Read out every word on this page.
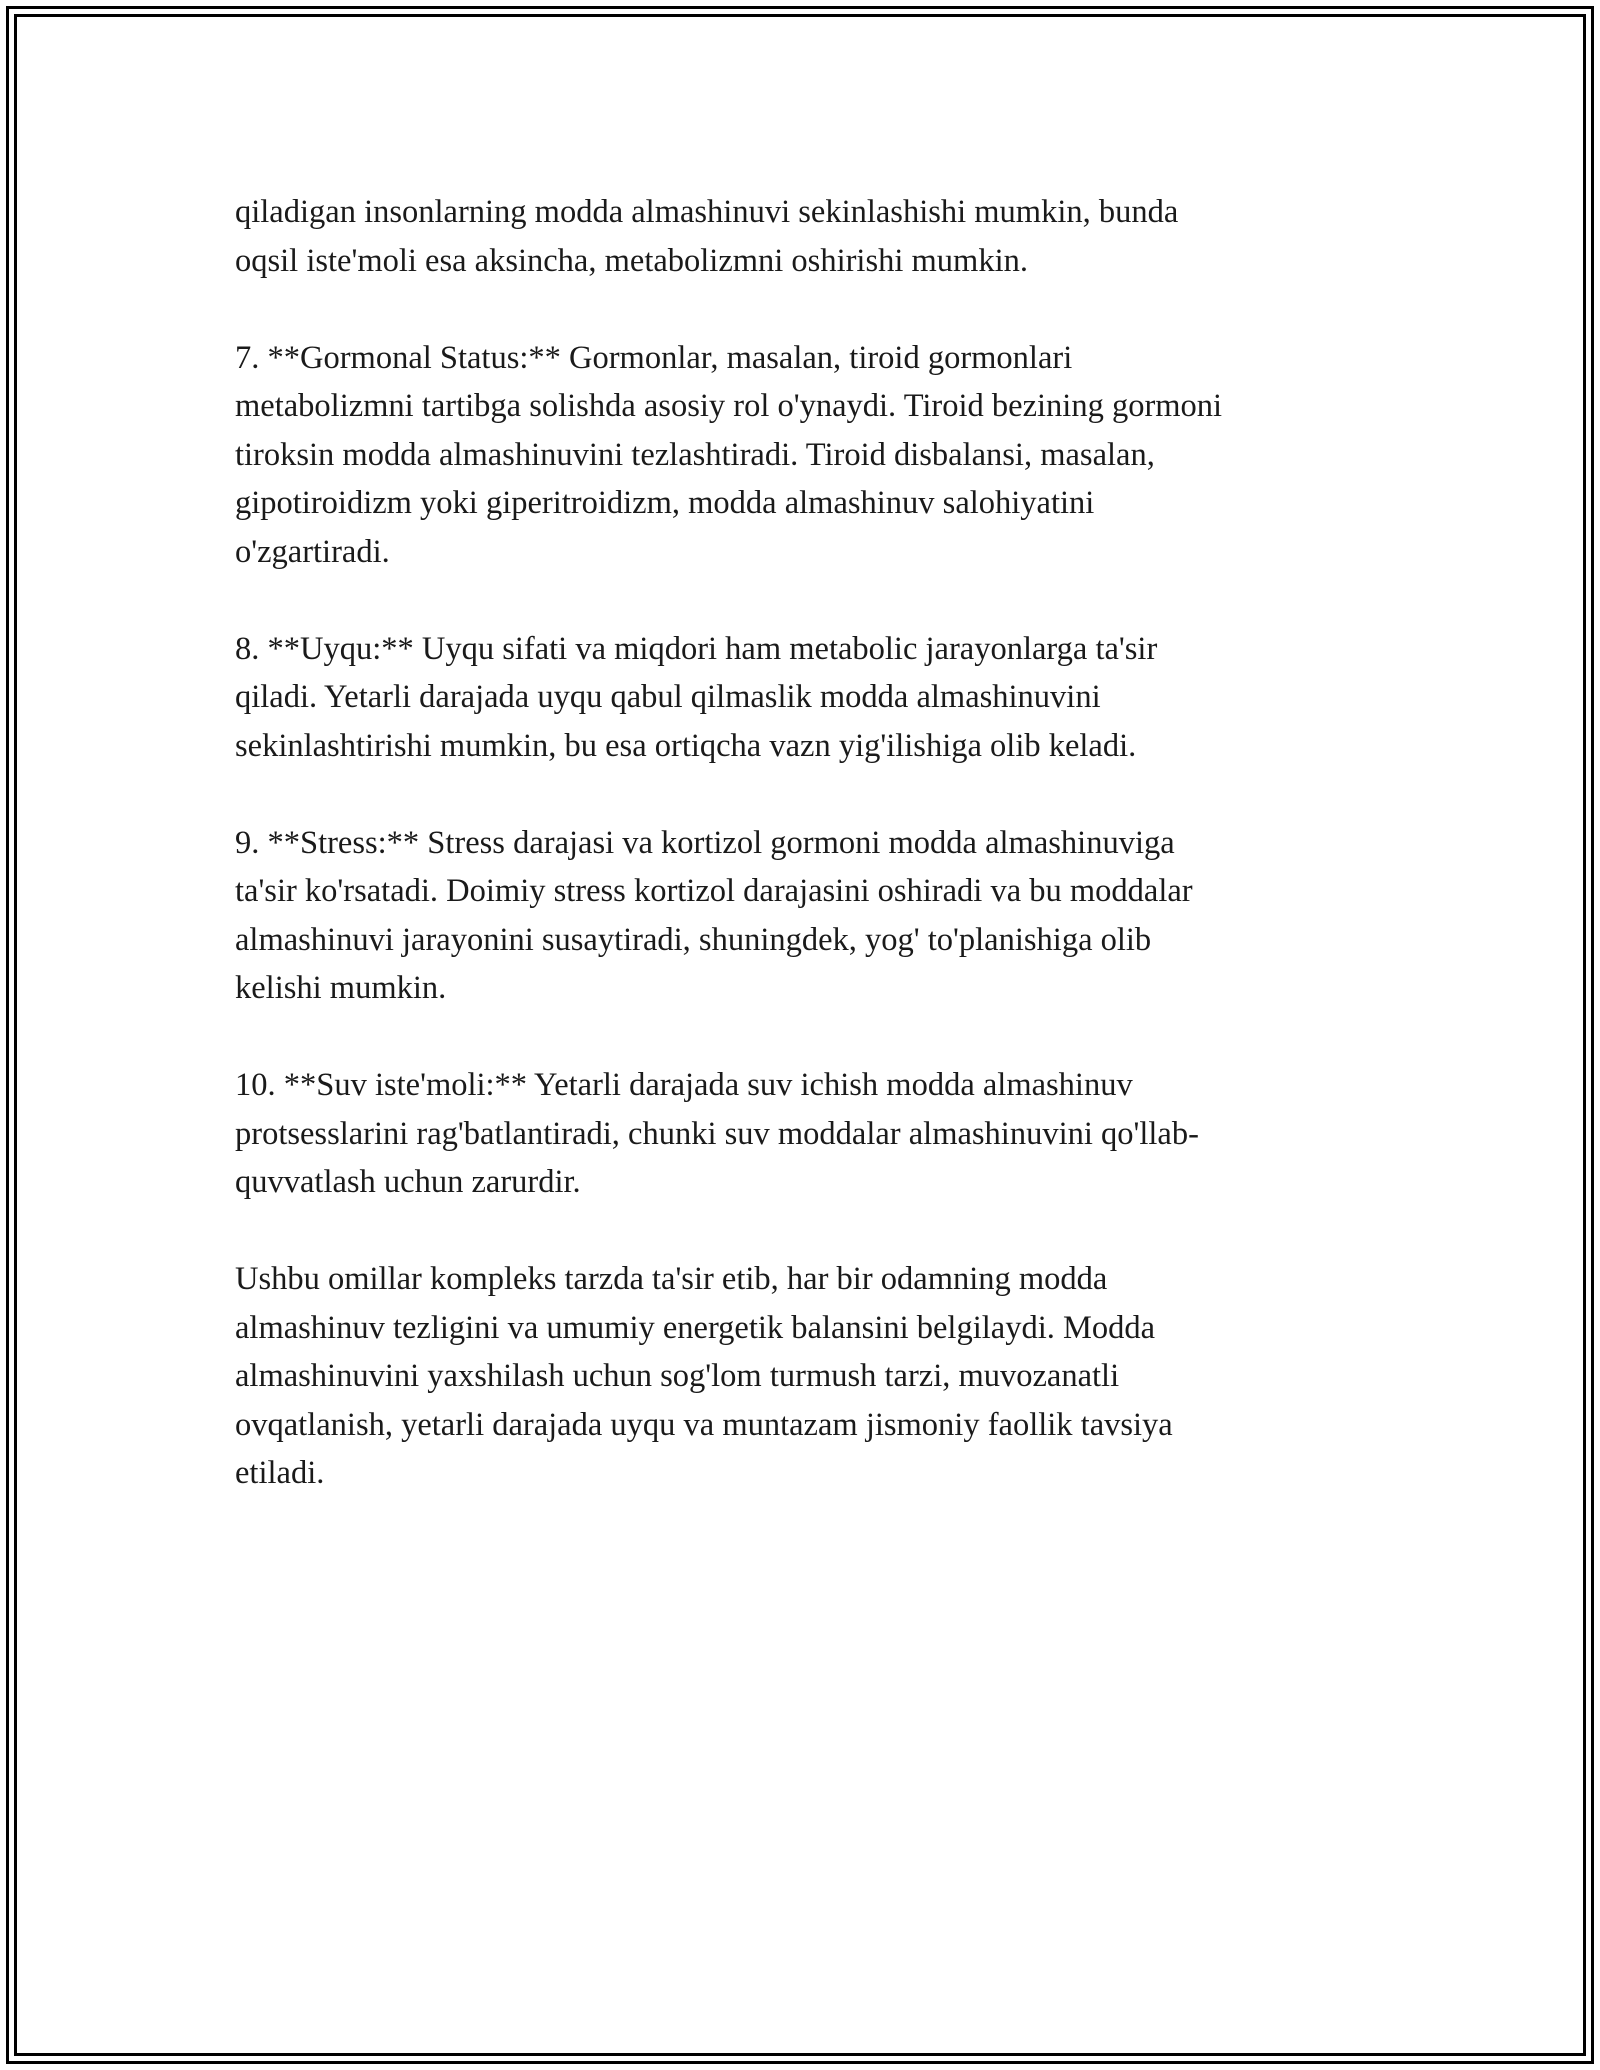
qiladigan insonlarning modda almashinuvi sekinlashishi mumkin, bunda
oqsil iste'moli esa aksincha, metabolizmni oshirishi mumkin.

7. **Gormonal Status:** Gormonlar, masalan, tiroid gormonlari
metabolizmni tartibga solishda asosiy rol o'ynaydi. Tiroid bezining gormoni
tiroksin modda almashinuvini tezlashtiradi. Tiroid disbalansi, masalan,
gipotiroidizm yoki giperitroidizm, modda almashinuv salohiyatini
o'zgartiradi.

8. **Uyqu:** Uyqu sifati va miqdori ham metabolic jarayonlarga ta'sir
qiladi. Yetarli darajada uyqu qabul qilmaslik modda almashinuvini
sekinlashtirishi mumkin, bu esa ortiqcha vazn yig'ilishiga olib keladi.

9. **Stress:** Stress darajasi va kortizol gormoni modda almashinuviga
ta'sir ko'rsatadi. Doimiy stress kortizol darajasini oshiradi va bu moddalar
almashinuvi jarayonini susaytiradi, shuningdek, yog' to'planishiga olib
kelishi mumkin.

10. **Suv iste'moli:** Yetarli darajada suv ichish modda almashinuv
protsesslarini rag'batlantiradi, chunki suv moddalar almashinuvini qo'llab-
quvvatlash uchun zarurdir.

Ushbu omillar kompleks tarzda ta'sir etib, har bir odamning modda
almashinuv tezligini va umumiy energetik balansini belgilaydi. Modda
almashinuvini yaxshilash uchun sog'lom turmush tarzi, muvozanatli
ovqatlanish, yetarli darajada uyqu va muntazam jismoniy faollik tavsiya
etiladi.
